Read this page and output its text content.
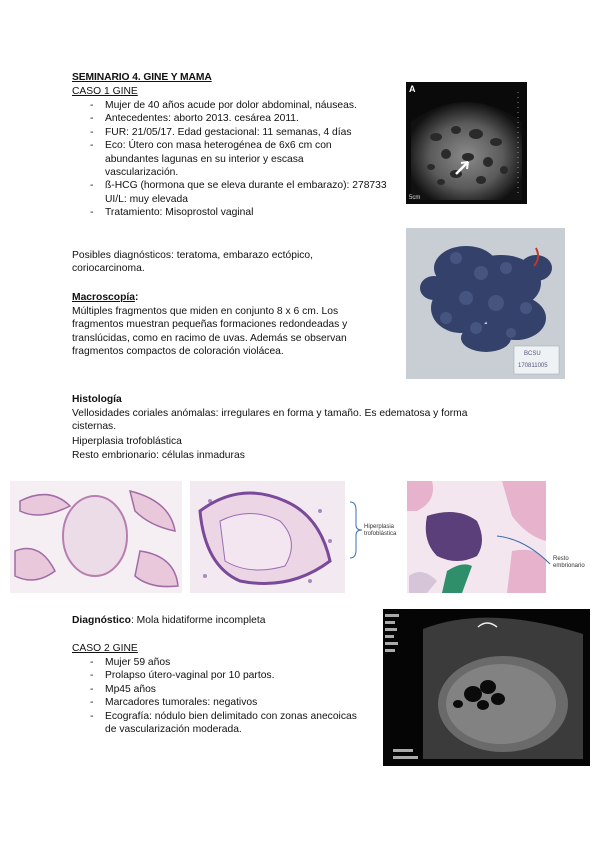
SEMINARIO 4. GINE Y MAMA
CASO 1 GINE
- Mujer de 40 años acude por dolor abdominal, náuseas.
- Antecedentes: aborto 2013. cesárea 2011.
- FUR: 21/05/17. Edad gestacional: 11 semanas, 4 días
- Eco: Útero con masa heterogénea de 6x6 cm con abundantes lagunas en su interior y escasa vascularización.
- ß-HCG (hormona que se eleva durante el embarazo): 278733 UI/L: muy elevada
- Tratamiento: Misoprostol vaginal
Posibles diagnósticos: teratoma, embarazo ectópico, coriocarcinoma.
Macroscopía:
Múltiples fragmentos que miden en conjunto 8 x 6 cm. Los fragmentos muestran pequeñas formaciones redondeadas y translúcidas, como en racimo de uvas. Además se observan fragmentos compactos de coloración violácea.
Histología
Vellosidades coriales anómalas: irregulares en forma y tamaño. Es edematosa y forma cisternas.
Hiperplasia trofoblástica
Resto embrionario: células inmaduras
Diagnóstico: Mola hidatiforme incompleta
CASO 2 GINE
- Mujer 59 años
- Prolapso útero-vaginal por 10 partos.
- Mp45 años
- Marcadores tumorales: negativos
- Ecografía: nódulo bien delimitado con zonas anecoicas de vascularización moderada.
A
5cm
BCSU
170811005
Hiperplasia trofoblástica
Resto embrionario
